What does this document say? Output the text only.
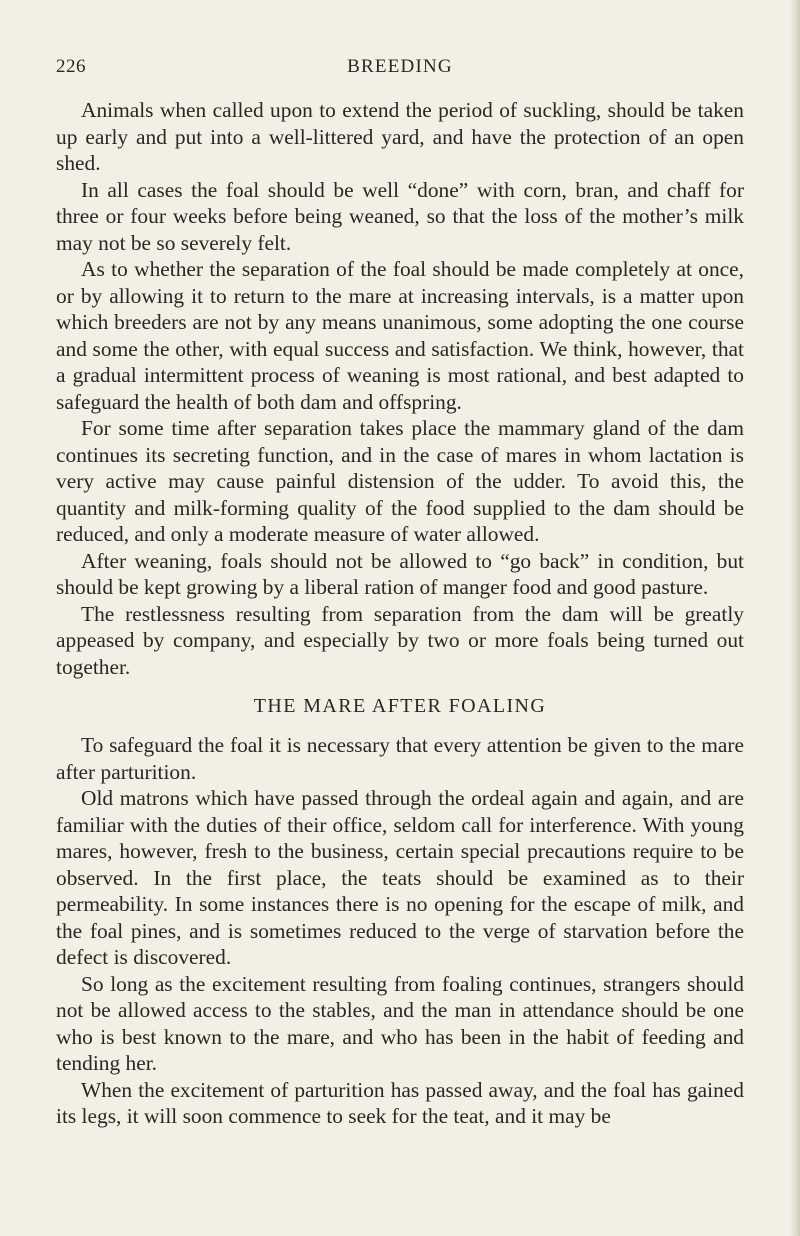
226	BREEDING

Animals when called upon to extend the period of suckling, should be taken up early and put into a well-littered yard, and have the protection of an open shed.

In all cases the foal should be well “done” with corn, bran, and chaff for three or four weeks before being weaned, so that the loss of the mother’s milk may not be so severely felt.

As to whether the separation of the foal should be made completely at once, or by allowing it to return to the mare at increasing intervals, is a matter upon which breeders are not by any means unanimous, some adopting the one course and some the other, with equal success and satisfaction. We think, however, that a gradual intermittent process of weaning is most rational, and best adapted to safeguard the health of both dam and offspring.

For some time after separation takes place the mammary gland of the dam continues its secreting function, and in the case of mares in whom lactation is very active may cause painful distension of the udder. To avoid this, the quantity and milk-forming quality of the food supplied to the dam should be reduced, and only a moderate measure of water allowed.

After weaning, foals should not be allowed to “go back” in condition, but should be kept growing by a liberal ration of manger food and good pasture.

The restlessness resulting from separation from the dam will be greatly appeased by company, and especially by two or more foals being turned out together.

THE MARE AFTER FOALING

To safeguard the foal it is necessary that every attention be given to the mare after parturition.

Old matrons which have passed through the ordeal again and again, and are familiar with the duties of their office, seldom call for interference. With young mares, however, fresh to the business, certain special precautions require to be observed. In the first place, the teats should be examined as to their permeability. In some instances there is no opening for the escape of milk, and the foal pines, and is sometimes reduced to the verge of starvation before the defect is discovered.

So long as the excitement resulting from foaling continues, strangers should not be allowed access to the stables, and the man in attendance should be one who is best known to the mare, and who has been in the habit of feeding and tending her.

When the excitement of parturition has passed away, and the foal has gained its legs, it will soon commence to seek for the teat, and it may be
